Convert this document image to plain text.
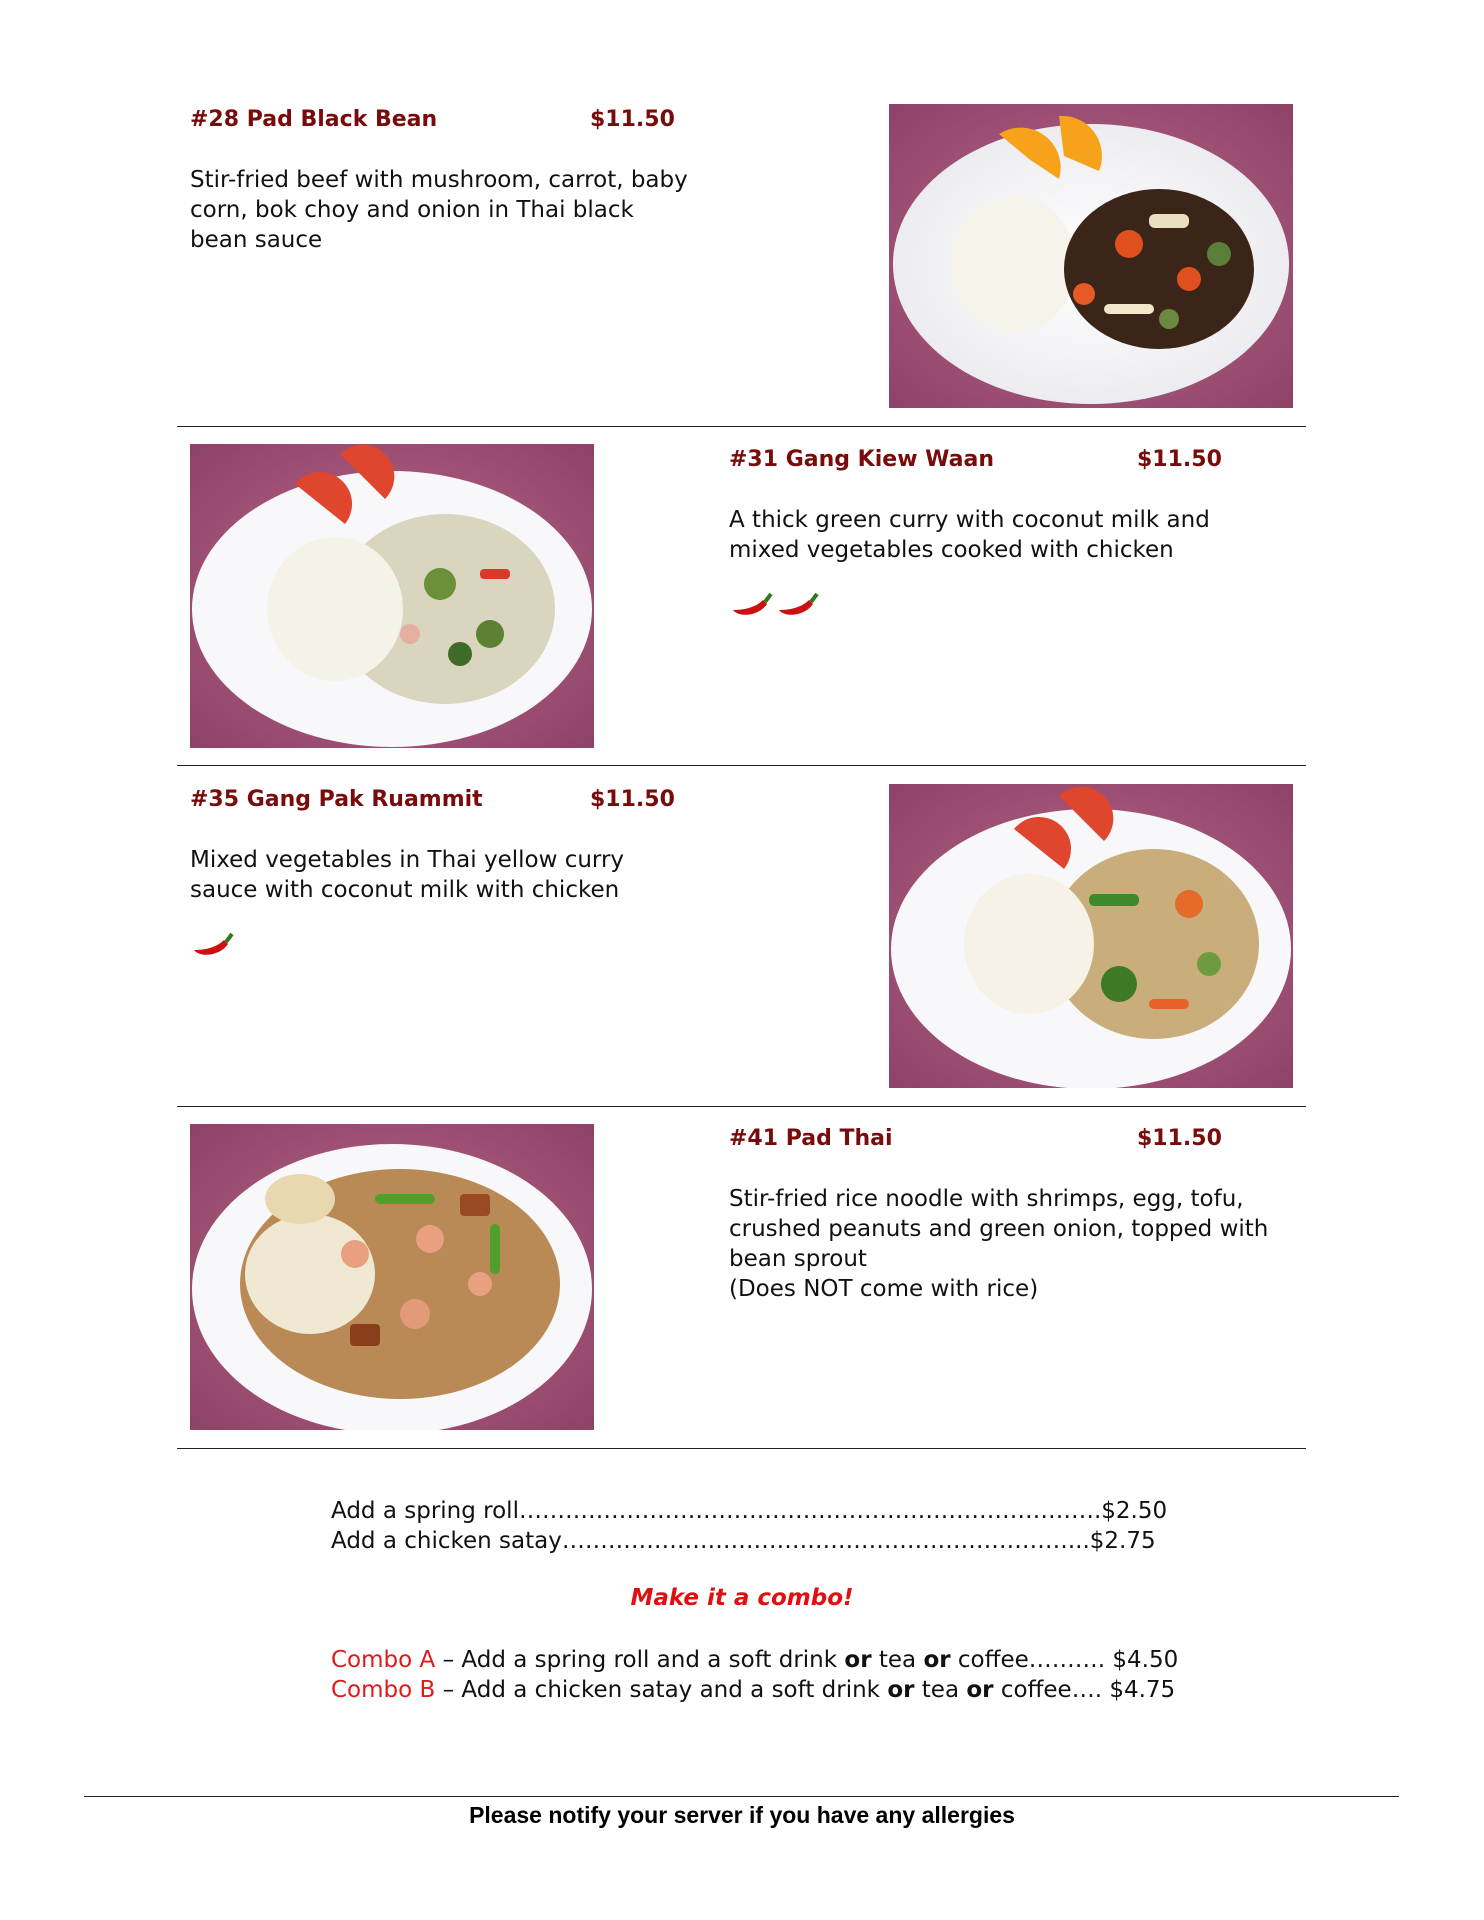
#28 Pad Black Bean	$11.50
Stir-fried beef with mushroom, carrot, baby
corn, bok choy and onion in Thai black
bean sauce
#31 Gang Kiew Waan	$11.50
A thick green curry with coconut milk and
mixed vegetables cooked with chicken
#35 Gang Pak Ruammit	$11.50
Mixed vegetables in Thai yellow curry
sauce with coconut milk with chicken
#41 Pad Thai	$11.50
Stir-fried rice noodle with shrimps, egg, tofu,
crushed peanuts and green onion, topped with
bean sprout
(Does NOT come with rice)
Add a spring roll………………………………………………………………….$2.50
Add a chicken satay…………………………………………………………...$2.75
Make it a combo!
Combo A – Add a spring roll and a soft drink or tea or coffee………. $4.50
Combo B – Add a chicken satay and a soft drink or tea or coffee…. $4.75
Please notify your server if you have any allergies
